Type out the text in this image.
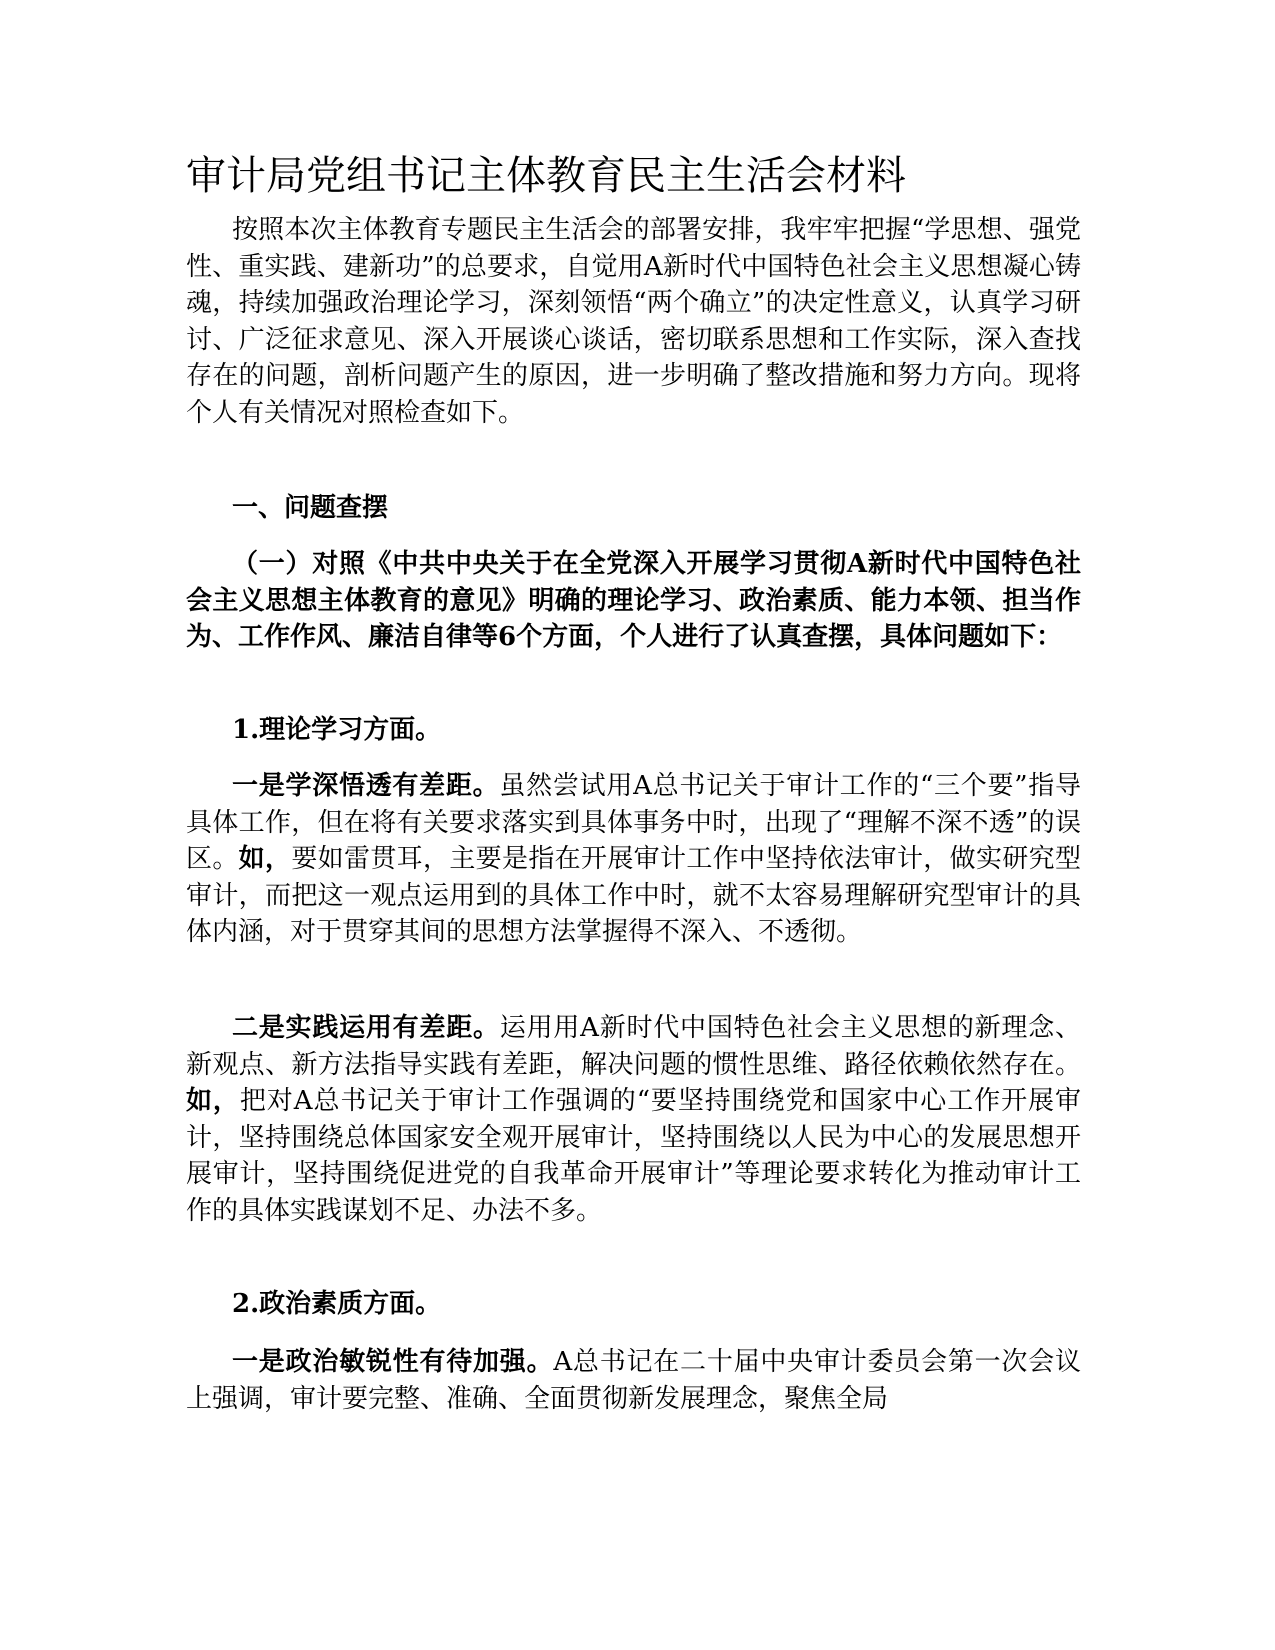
审计局党组书记主体教育民主生活会材料
按照本次主体教育专题民主生活会的部署安排，我牢牢把握“学思想、强党性、重实践、建新功”的总要求，自觉用A新时代中国特色社会主义思想凝心铸魂，持续加强政治理论学习，深刻领悟“两个确立”的决定性意义，认真学习研讨、广泛征求意见、深入开展谈心谈话，密切联系思想和工作实际，深入查找存在的问题，剖析问题产生的原因，进一步明确了整改措施和努力方向。现将个人有关情况对照检查如下。
一、问题查摆
（一）对照《中共中央关于在全党深入开展学习贯彻A新时代中国特色社会主义思想主体教育的意见》明确的理论学习、政治素质、能力本领、担当作为、工作作风、廉洁自律等6个方面，个人进行了认真查摆，具体问题如下：
1.理论学习方面。
一是学深悟透有差距。虽然尝试用A总书记关于审计工作的“三个要”指导具体工作，但在将有关要求落实到具体事务中时，出现了“理解不深不透”的误区。如，要如雷贯耳，主要是指在开展审计工作中坚持依法审计，做实研究型审计，而把这一观点运用到的具体工作中时，就不太容易理解研究型审计的具体内涵，对于贯穿其间的思想方法掌握得不深入、不透彻。
二是实践运用有差距。运用用A新时代中国特色社会主义思想的新理念、新观点、新方法指导实践有差距，解决问题的惯性思维、路径依赖依然存在。如，把对A总书记关于审计工作强调的“要坚持围绕党和国家中心工作开展审计，坚持围绕总体国家安全观开展审计，坚持围绕以人民为中心的发展思想开展审计，坚持围绕促进党的自我革命开展审计”等理论要求转化为推动审计工作的具体实践谋划不足、办法不多。
2.政治素质方面。
一是政治敏锐性有待加强。A总书记在二十届中央审计委员会第一次会议上强调，审计要完整、准确、全面贯彻新发展理念，聚焦全局
